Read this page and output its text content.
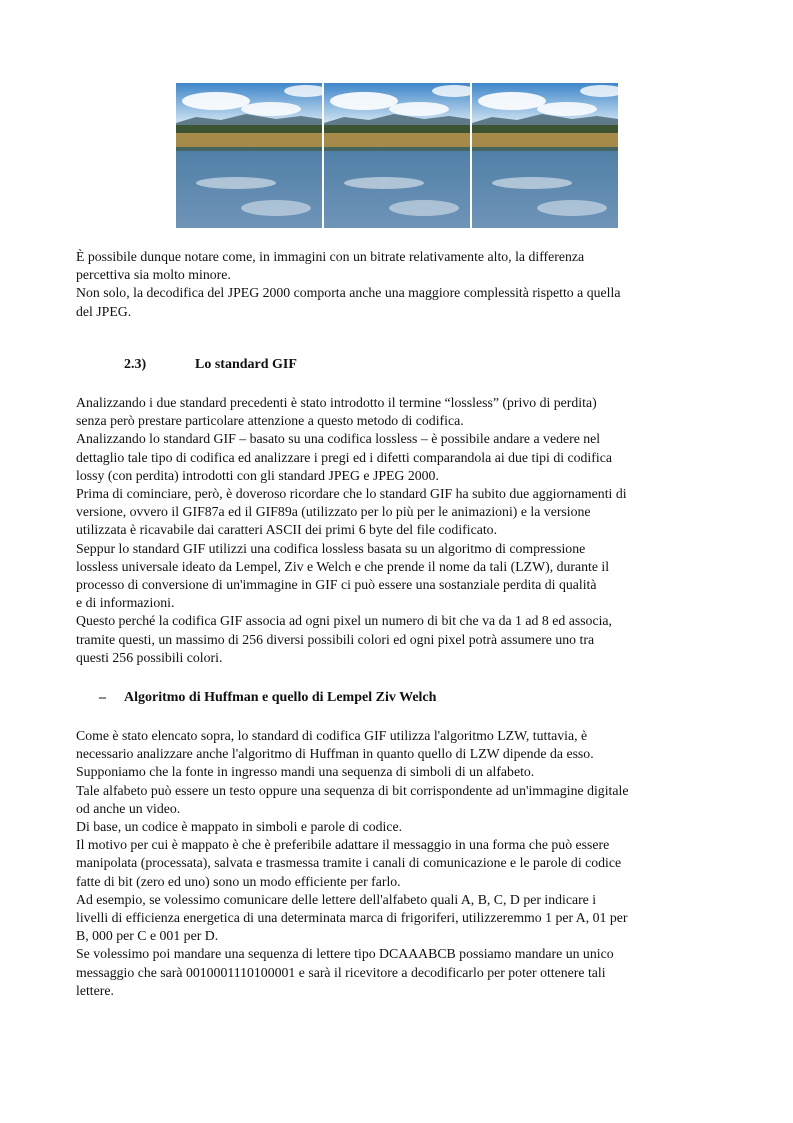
È possibile dunque notare come, in immagini con un bitrate relativamente alto, la differenza
percettiva sia molto minore.
Non solo, la decodifica del JPEG 2000 comporta anche una maggiore complessità rispetto a quella
del JPEG.
2.3)	Lo standard GIF
Analizzando i due standard precedenti è stato introdotto il termine “lossless” (privo di perdita)
senza però prestare particolare attenzione a questo metodo di codifica.
Analizzando lo standard GIF – basato su una codifica lossless – è possibile andare a vedere nel
dettaglio tale tipo di codifica ed analizzare i pregi ed i difetti comparandola ai due tipi di codifica
lossy (con perdita) introdotti con gli standard JPEG e JPEG 2000.
Prima di cominciare, però, è doveroso ricordare che lo standard GIF ha subito due aggiornamenti di
versione, ovvero il GIF87a ed il GIF89a (utilizzato per lo più per le animazioni) e la versione
utilizzata è ricavabile dai caratteri ASCII dei primi 6 byte del file codificato.
Seppur lo standard GIF utilizzi una codifica lossless basata su un algoritmo di compressione
lossless universale ideato da Lempel, Ziv e Welch e che prende il nome da tali (LZW), durante il
processo di conversione di un'immagine in GIF ci può essere una sostanziale perdita di qualità
e di informazioni.
Questo perché la codifica GIF associa ad ogni pixel un numero di bit che va da 1 ad 8 ed associa,
tramite questi, un massimo di 256 diversi possibili colori ed ogni pixel potrà assumere uno tra
questi 256 possibili colori.
– Algoritmo di Huffman e quello di Lempel Ziv Welch
Come è stato elencato sopra, lo standard di codifica GIF utilizza l'algoritmo LZW, tuttavia, è
necessario analizzare anche l'algoritmo di Huffman in quanto quello di LZW dipende da esso.
Supponiamo che la fonte in ingresso mandi una sequenza di simboli di un alfabeto.
Tale alfabeto può essere un testo oppure una sequenza di bit corrispondente ad un'immagine digitale
od anche un video.
Di base, un codice è mappato in simboli e parole di codice.
Il motivo per cui è mappato è che è preferibile adattare il messaggio in una forma che può essere
manipolata (processata), salvata e trasmessa tramite i canali di comunicazione e le parole di codice
fatte di bit (zero ed uno) sono un modo efficiente per farlo.
Ad esempio, se volessimo comunicare delle lettere dell'alfabeto quali A, B, C, D per indicare i
livelli di efficienza energetica di una determinata marca di frigoriferi, utilizzeremmo 1 per A, 01 per
B, 000 per C e 001 per D.
Se volessimo poi mandare una sequenza di lettere tipo DCAAABCB possiamo mandare un unico
messaggio che sarà 0010001110100001 e sarà il ricevitore a decodificarlo per poter ottenere tali
lettere.
